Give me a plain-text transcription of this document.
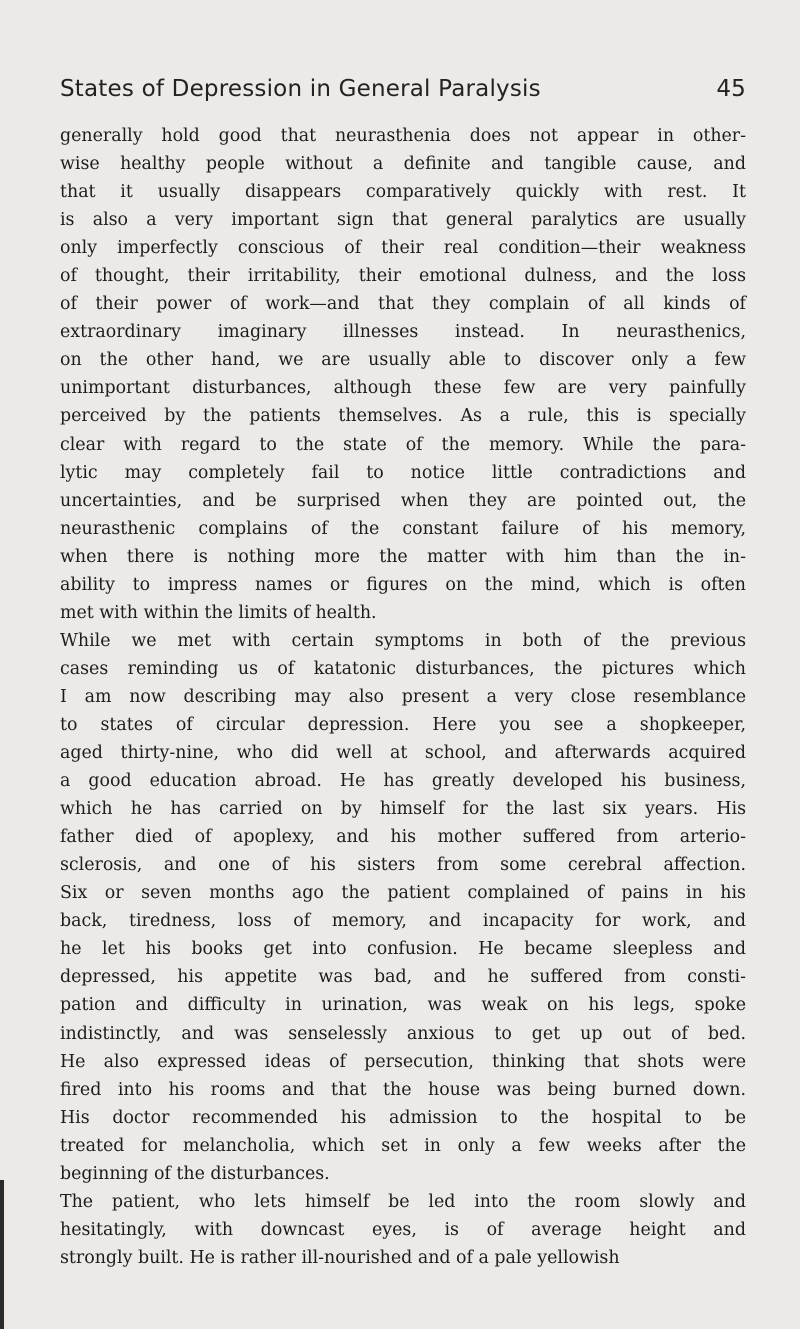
States of Depression in General Paralysis	45
generally hold good that neurasthenia does not appear in other-
wise healthy people without a definite and tangible cause, and
that it usually disappears comparatively quickly with rest. It
is also a very important sign that general paralytics are usually
only imperfectly conscious of their real condition—their weakness
of thought, their irritability, their emotional dulness, and the loss
of their power of work—and that they complain of all kinds of
extraordinary imaginary illnesses instead. In neurasthenics,
on the other hand, we are usually able to discover only a few
unimportant disturbances, although these few are very painfully
perceived by the patients themselves. As a rule, this is specially
clear with regard to the state of the memory. While the para-
lytic may completely fail to notice little contradictions and
uncertainties, and be surprised when they are pointed out, the
neurasthenic complains of the constant failure of his memory,
when there is nothing more the matter with him than the in-
ability to impress names or figures on the mind, which is often
met with within the limits of health.
While we met with certain symptoms in both of the previous
cases reminding us of katatonic disturbances, the pictures which
I am now describing may also present a very close resemblance
to states of circular depression. Here you see a shopkeeper,
aged thirty-nine, who did well at school, and afterwards acquired
a good education abroad. He has greatly developed his business,
which he has carried on by himself for the last six years. His
father died of apoplexy, and his mother suffered from arterio-
sclerosis, and one of his sisters from some cerebral affection.
Six or seven months ago the patient complained of pains in his
back, tiredness, loss of memory, and incapacity for work, and
he let his books get into confusion. He became sleepless and
depressed, his appetite was bad, and he suffered from consti-
pation and difficulty in urination, was weak on his legs, spoke
indistinctly, and was senselessly anxious to get up out of bed.
He also expressed ideas of persecution, thinking that shots were
fired into his rooms and that the house was being burned down.
His doctor recommended his admission to the hospital to be
treated for melancholia, which set in only a few weeks after the
beginning of the disturbances.
The patient, who lets himself be led into the room slowly and
hesitatingly, with downcast eyes, is of average height and
strongly built. He is rather ill-nourished and of a pale yellowish
